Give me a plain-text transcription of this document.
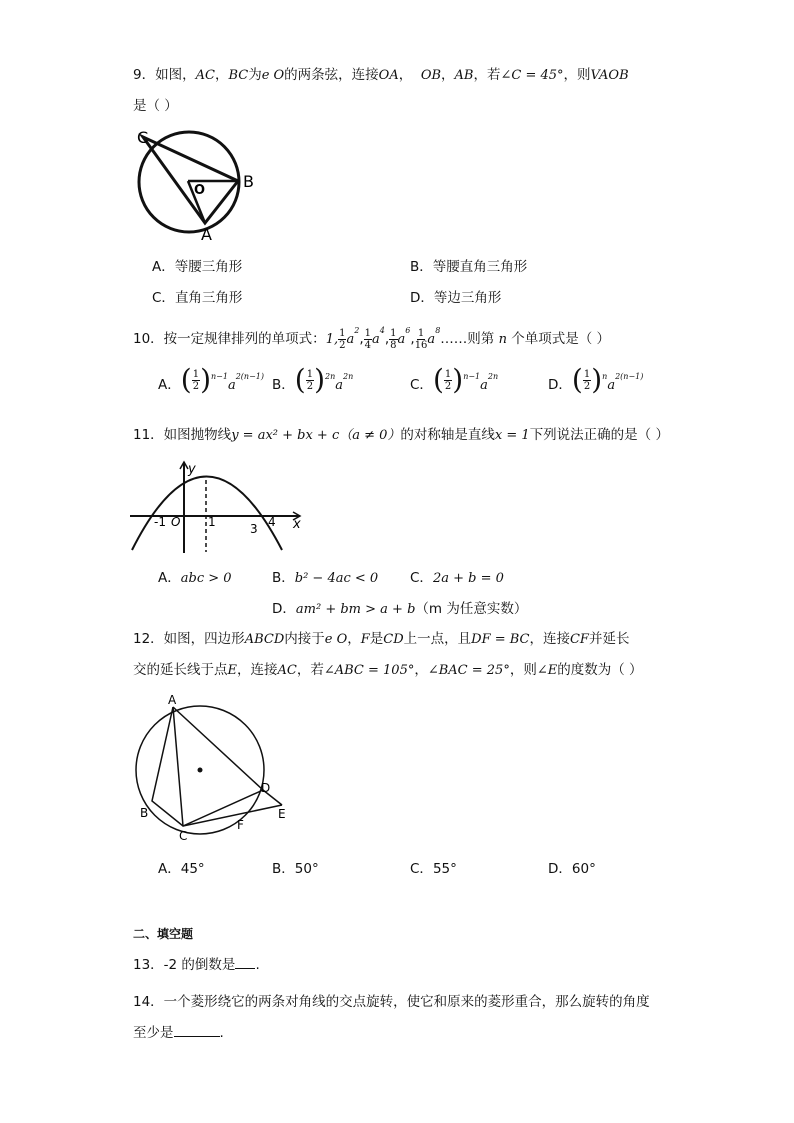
9．如图，AC，BC为e O的两条弦，连接OA， OB，AB，若∠C = 45°，则VAOB
是（ ）
C
O B
A
A．等腰三角形	B．等腰直角三角形
C．直角三角形	D．等边三角形
10．按一定规律排列的单项式：1, $\frac{1}{2} a^2$, $\frac{1}{4} a^4$, $\frac{1}{8} a^6$, $\frac{1}{16}$ $a^8\dots\dots$则第 n 个单项式是（ ）
A． ( $\frac{1}{2}$ ) $^{n-1}a^{2(n-1)}$
B． ( $\frac{1}{2}$ ) $^{2n}a^{2n}$
C． ( $\frac{1}{2}$ ) $^{n-1}a^{2n}$
D． ( $\frac{1}{2}$ ) $^na^{2(n-1)}$
11．如图抛物线y = ax² + bx + c（a ≠ 0）的对称轴是直线x = 1下列说法正确的是（ ）
-1 O 1	3 4
y
x
A．abc > 0	B．b² − 4ac < 0 C．2a + b = 0
D．am² + bm > a + b（m 为任意实数）
12．如图，四边形ABCD内接于e O，F是CD上一点，且DF = BC，连接CF并延长
交的延长线于点E，连接AC，若∠ABC = 105°，∠BAC = 25°，则∠E的度数为（ ）
A
B
C
D
E
F
A．45°	B．50°	C．55°	D．60°
二、填空题
13．-2 的倒数是 .
14．一个菱形绕它的两条对角线的交点旋转，使它和原来的菱形重合，那么旋转的角度
至少是	.
